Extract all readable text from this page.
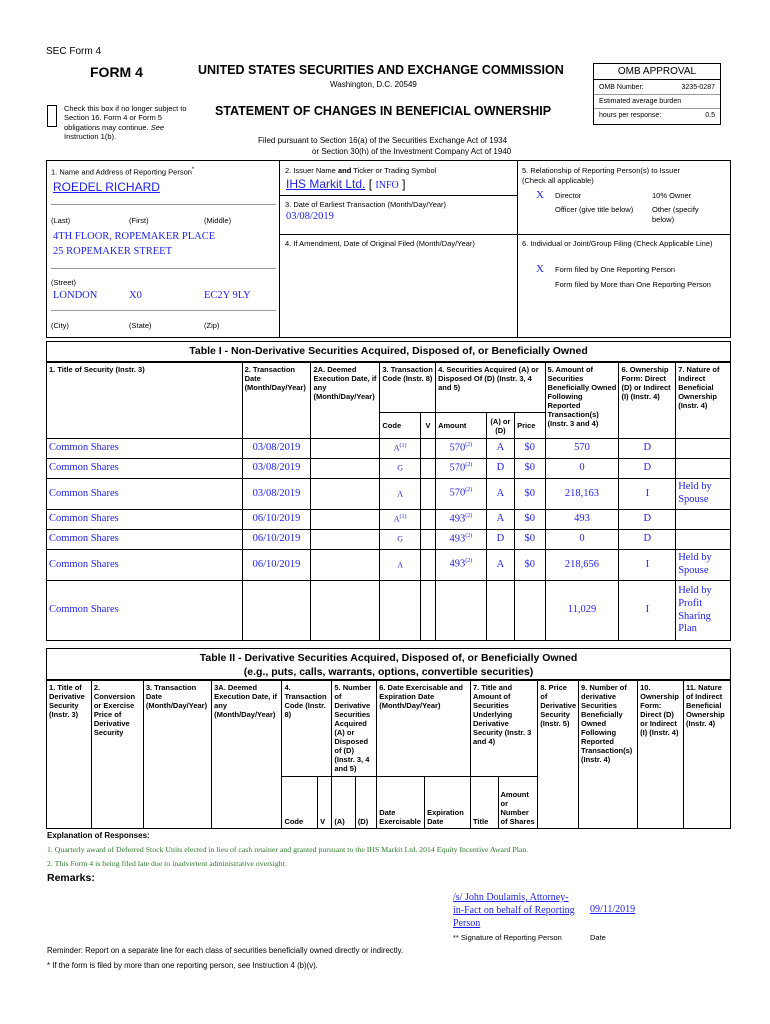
SEC Form 4
FORM 4	UNITED STATES SECURITIES AND EXCHANGE COMMISSION
Washington, D.C. 20549
Check this box if no longer subject to Section 16. Form 4 or Form 5 obligations may continue. See Instruction 1(b).
STATEMENT OF CHANGES IN BENEFICIAL OWNERSHIP
Filed pursuant to Section 16(a) of the Securities Exchange Act of 1934
or Section 30(h) of the Investment Company Act of 1940
OMB APPROVAL
OMB Number:	3235-0287
Estimated average burden
hours per response:	0.5
1. Name and Address of Reporting Person*
ROEDEL RICHARD
(Last)	(First)	(Middle)
4TH FLOOR, ROPEMAKER PLACE
25 ROPEMAKER STREET
(Street)
LONDON	X0	EC2Y 9LY
(City)	(State)	(Zip)
2. Issuer Name and Ticker or Trading Symbol
IHS Markit Ltd. [ INFO ]
3. Date of Earliest Transaction (Month/Day/Year)
03/08/2019
4. If Amendment, Date of Original Filed (Month/Day/Year)
5. Relationship of Reporting Person(s) to Issuer
(Check all applicable)
X Director	10% Owner
Officer (give title below)	Other (specify below)
6. Individual or Joint/Group Filing (Check Applicable Line)
X Form filed by One Reporting Person
Form filed by More than One Reporting Person
Table I - Non-Derivative Securities Acquired, Disposed of, or Beneficially Owned
1. Title of Security (Instr. 3)	2. Transaction Date (Month/Day/Year)	2A. Deemed Execution Date, if any (Month/Day/Year)	3. Transaction Code (Instr. 8)		4. Securities Acquired (A) or Disposed Of (D) (Instr. 3, 4 and 5)			5. Amount of Securities Beneficially Owned Following Reported Transaction(s) (Instr. 3 and 4)	6. Ownership Form: Direct (D) or Indirect (I) (Instr. 4)	7. Nature of Indirect Beneficial Ownership (Instr. 4)
			Code	V	Amount	(A) or (D)	Price			
Common Shares	03/08/2019		$A^{(1)}$		570$^{(2)}$	A	$0	570	D	
Common Shares	03/08/2019		G		570$^{(2)}$	D	$0	0	D	
Common Shares	03/08/2019		A		570$^{(2)}$	A	$0	218,163	I	Held by Spouse
Common Shares	06/10/2019		$A^{(1)}$		493$^{(2)}$	A	$0	493	D	
Common Shares	06/10/2019		G		493$^{(2)}$	D	$0	0	D	
Common Shares	06/10/2019		A		493$^{(2)}$	A	$0	218,656	I	Held by Spouse
Common Shares								11,029	I	Held by Profit Sharing Plan
Table II - Derivative Securities Acquired, Disposed of, or Beneficially Owned
(e.g., puts, calls, warrants, options, convertible securities)
1. Title of Derivative Security (Instr. 3)	2. Conversion or Exercise Price of Derivative Security	3. Transaction Date (Month/Day/Year)	3A. Deemed Execution Date, if any (Month/Day/Year)	4. Transaction Code (Instr. 8)		5. Number of Derivative Securities Acquired (A) or Disposed of (D) (Instr. 3, 4 and 5)		6. Date Exercisable and Expiration Date (Month/Day/Year)		7. Title and Amount of Securities Underlying Derivative Security (Instr. 3 and 4)		8. Price of Derivative Security (Instr. 5)	9. Number of derivative Securities Beneficially Owned Following Reported Transaction(s) (Instr. 4)	10. Ownership Form: Direct (D) or Indirect (I) (Instr. 4)	11. Nature of Indirect Beneficial Ownership (Instr. 4)
				Code	V	(A)	(D)	Date Exercisable	Expiration Date	Title	Amount or Number of Shares				
Explanation of Responses:
1. Quarterly award of Deferred Stock Units elected in lieu of cash retainer and granted pursuant to the IHS Markit Ltd. 2014 Equity Incentive Award Plan.
2. This Form 4 is being filed late due to inadvertent administrative oversight.
Remarks:
/s/ John Doulamis, Attorney-
in-Fact on behalf of Reporting
Person
09/11/2019
** Signature of Reporting Person	Date
Reminder: Report on a separate line for each class of securities beneficially owned directly or indirectly.
* If the form is filed by more than one reporting person, see Instruction 4 (b)(v).
